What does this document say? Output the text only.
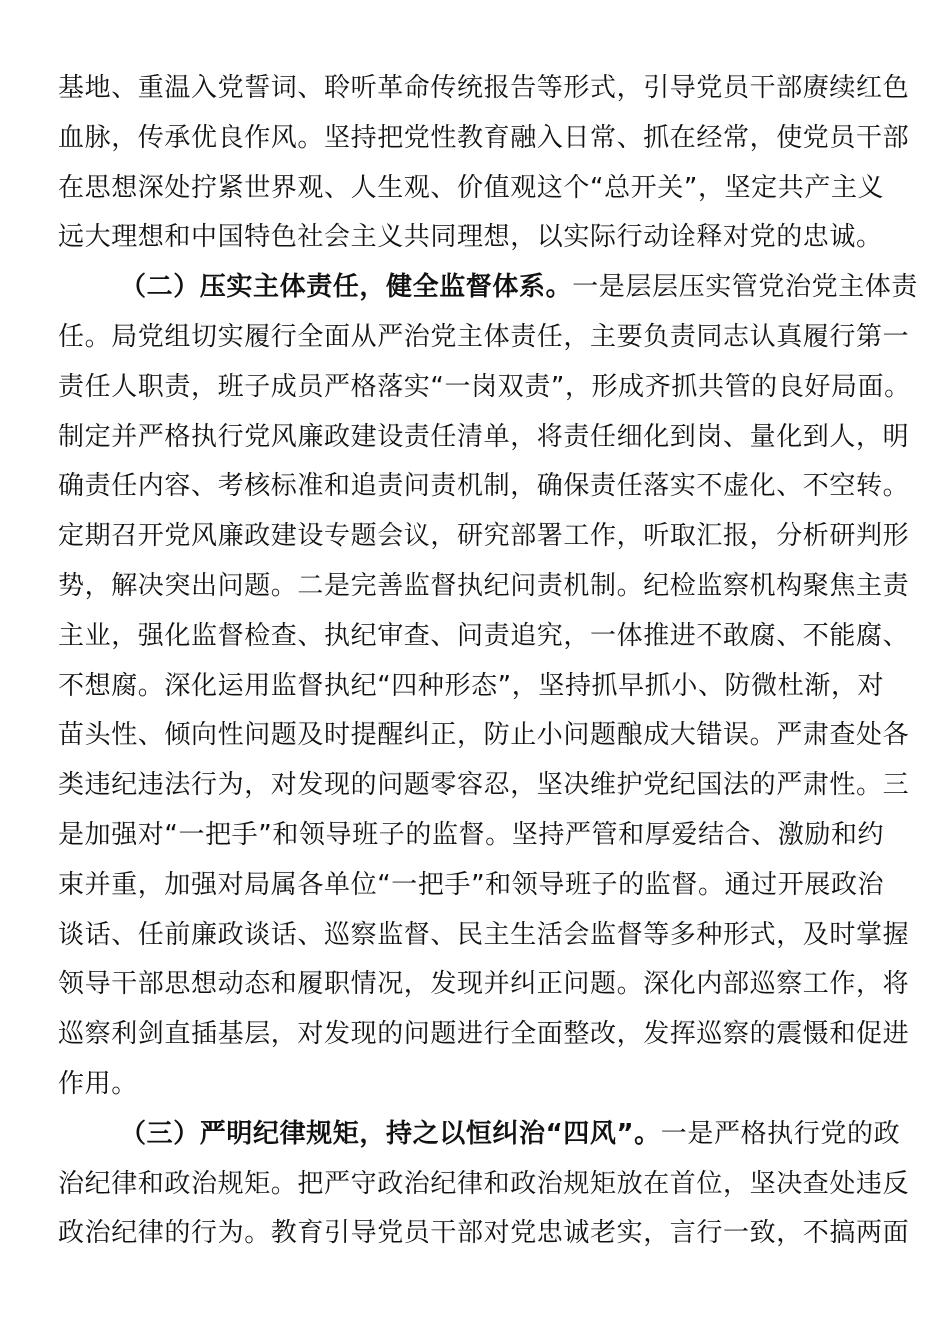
基地、重温入党誓词、聆听革命传统报告等形式，引导党员干部赓续红色
血脉，传承优良作风。坚持把党性教育融入日常、抓在经常，使党员干部
在思想深处拧紧世界观、人生观、价值观这个“总开关”，坚定共产主义
远大理想和中国特色社会主义共同理想，以实际行动诠释对党的忠诚。
（二）压实主体责任，健全监督体系。一是层层压实管党治党主体责
任。局党组切实履行全面从严治党主体责任，主要负责同志认真履行第一
责任人职责，班子成员严格落实“一岗双责”，形成齐抓共管的良好局面。
制定并严格执行党风廉政建设责任清单，将责任细化到岗、量化到人，明
确责任内容、考核标准和追责问责机制，确保责任落实不虚化、不空转。
定期召开党风廉政建设专题会议，研究部署工作，听取汇报，分析研判形
势，解决突出问题。二是完善监督执纪问责机制。纪检监察机构聚焦主责
主业，强化监督检查、执纪审查、问责追究，一体推进不敢腐、不能腐、
不想腐。深化运用监督执纪“四种形态”，坚持抓早抓小、防微杜渐，对
苗头性、倾向性问题及时提醒纠正，防止小问题酿成大错误。严肃查处各
类违纪违法行为，对发现的问题零容忍，坚决维护党纪国法的严肃性。三
是加强对“一把手”和领导班子的监督。坚持严管和厚爱结合、激励和约
束并重，加强对局属各单位“一把手”和领导班子的监督。通过开展政治
谈话、任前廉政谈话、巡察监督、民主生活会监督等多种形式，及时掌握
领导干部思想动态和履职情况，发现并纠正问题。深化内部巡察工作，将
巡察利剑直插基层，对发现的问题进行全面整改，发挥巡察的震慑和促进
作用。
（三）严明纪律规矩，持之以恒纠治“四风”。一是严格执行党的政
治纪律和政治规矩。把严守政治纪律和政治规矩放在首位，坚决查处违反
政治纪律的行为。教育引导党员干部对党忠诚老实，言行一致，不搞两面
